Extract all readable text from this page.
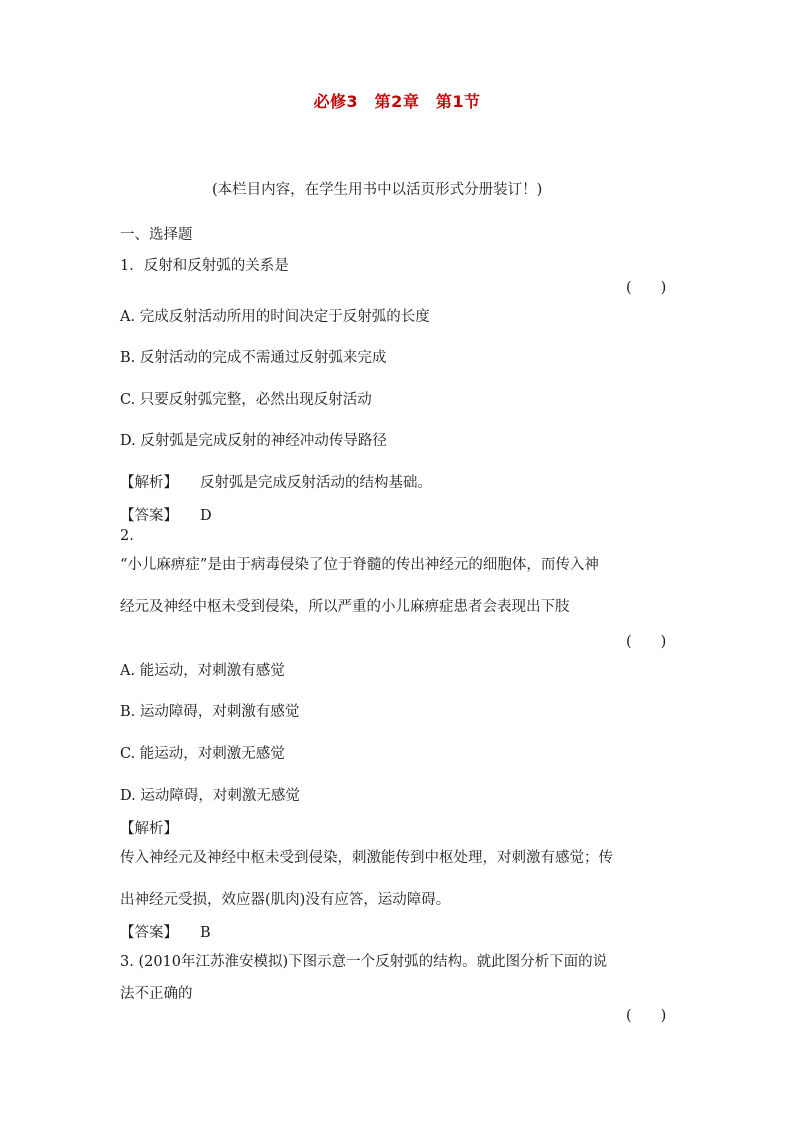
必修3　第2章　第1节
(本栏目内容，在学生用书中以活页形式分册装订！)
一、选择题
1．反射和反射弧的关系是
(　　)
A. 完成反射活动所用的时间决定于反射弧的长度
B. 反射活动的完成不需通过反射弧来完成
C. 只要反射弧完整，必然出现反射活动
D. 反射弧是完成反射的神经冲动传导路径
【解析】 反射弧是完成反射活动的结构基础。
【答案】 D
2.
“小儿麻痹症”是由于病毒侵染了位于脊髓的传出神经元的细胞体，而传入神
经元及神经中枢未受到侵染，所以严重的小儿麻痹症患者会表现出下肢
(　　)
A. 能运动，对刺激有感觉
B. 运动障碍，对刺激有感觉
C. 能运动，对刺激无感觉
D. 运动障碍，对刺激无感觉
【解析】
传入神经元及神经中枢未受到侵染，刺激能传到中枢处理，对刺激有感觉；传
出神经元受损，效应器(肌肉)没有应答，运动障碍。
【答案】 B
3. (2010年江苏淮安模拟)下图示意一个反射弧的结构。就此图分析下面的说
法不正确的
(　　)
